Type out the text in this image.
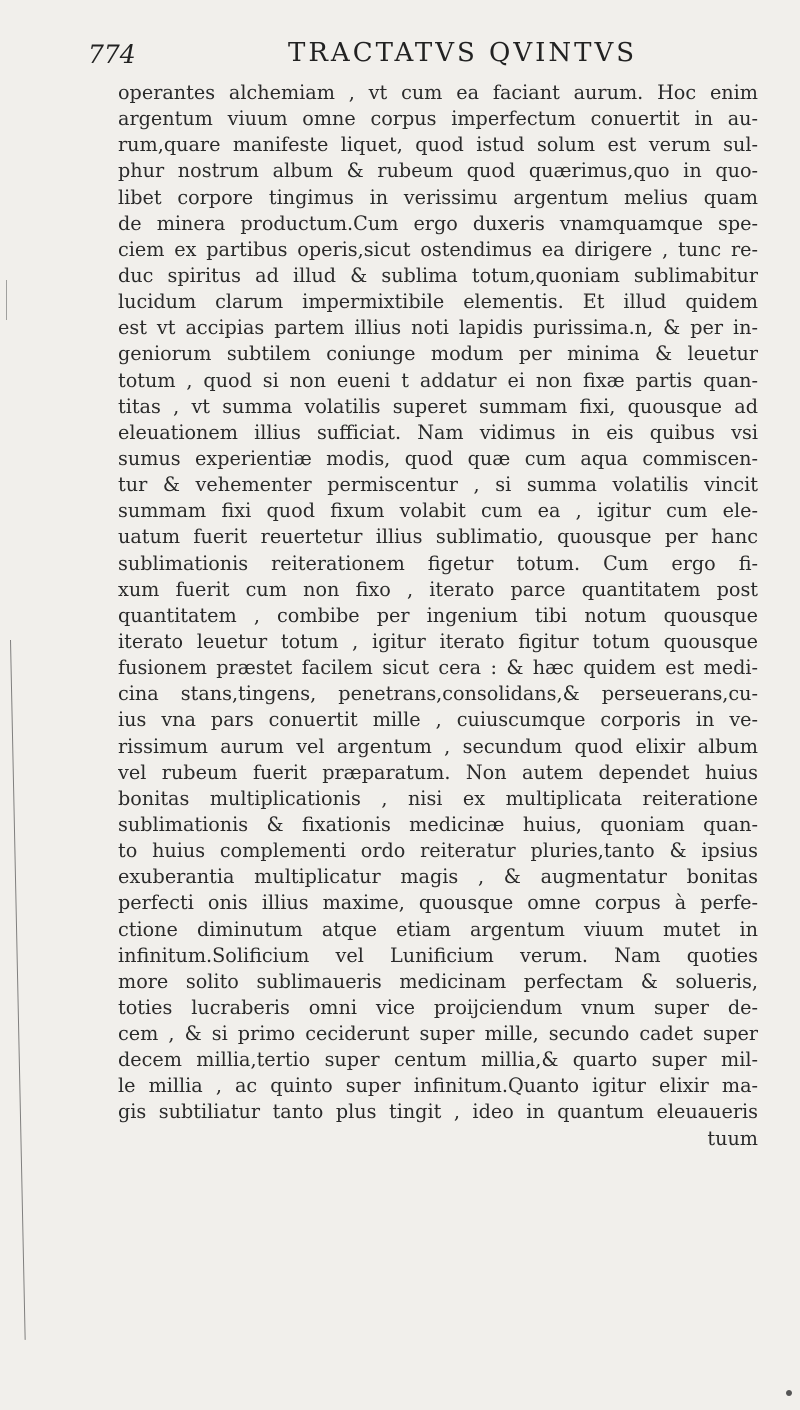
774	TRACTATVS QVINTVS
operantes alchemiam , vt cum ea faciant aurum. Hoc enim
argentum viuum omne corpus imperfectum conuertit in au-
rum,quare manifeste liquet, quod istud solum est verum sul-
phur nostrum album & rubeum quod quærimus,quo in quo-
libet corpore tingimus in verissimu argentum melius quam
de minera productum.Cum ergo duxeris vnamquamque spe-
ciem ex partibus operis,sicut ostendimus ea dirigere , tunc re-
duc spiritus ad illud & sublima totum,quoniam sublimabitur
lucidum clarum impermixtibile elementis. Et illud quidem
est vt accipias partem illius noti lapidis purissima.n, & per in-
geniorum subtilem coniunge modum per minima & leuetur
totum , quod si non eueni t addatur ei non fixæ partis quan-
titas , vt summa volatilis superet summam fixi, quousque ad
eleuationem illius sufficiat. Nam vidimus in eis quibus vsi
sumus experientiæ modis, quod quæ cum aqua commiscen-
tur & vehementer permiscentur , si summa volatilis vincit
summam fixi quod fixum volabit cum ea , igitur cum ele-
uatum fuerit reuertetur illius sublimatio, quousque per hanc
sublimationis reiterationem figetur totum. Cum ergo fi-
xum fuerit cum non fixo , iterato parce quantitatem post
quantitatem , combibe per ingenium tibi notum quousque
iterato leuetur totum , igitur iterato figitur totum quousque
fusionem præstet facilem sicut cera : & hæc quidem est medi-
cina stans,tingens, penetrans,consolidans,& perseuerans,cu-
ius vna pars conuertit mille , cuiuscumque corporis in ve-
rissimum aurum vel argentum , secundum quod elixir album
vel rubeum fuerit præparatum. Non autem dependet huius
bonitas multiplicationis , nisi ex multiplicata reiteratione
sublimationis & fixationis medicinæ huius, quoniam quan-
to huius complementi ordo reiteratur pluries,tanto & ipsius
exuberantia multiplicatur magis , & augmentatur bonitas
perfecti onis illius maxime, quousque omne corpus à perfe-
ctione diminutum atque etiam argentum viuum mutet in
infinitum.Solificium vel Lunificium verum. Nam quoties
more solito sublimaueris medicinam perfectam & solueris,
toties lucraberis omni vice proijciendum vnum super de-
cem , & si primo ceciderunt super mille, secundo cadet super
decem millia,tertio super centum millia,& quarto super mil-
le millia , ac quinto super infinitum.Quanto igitur elixir ma-
gis subtiliatur tanto plus tingit , ideo in quantum eleuaueris
tuum
